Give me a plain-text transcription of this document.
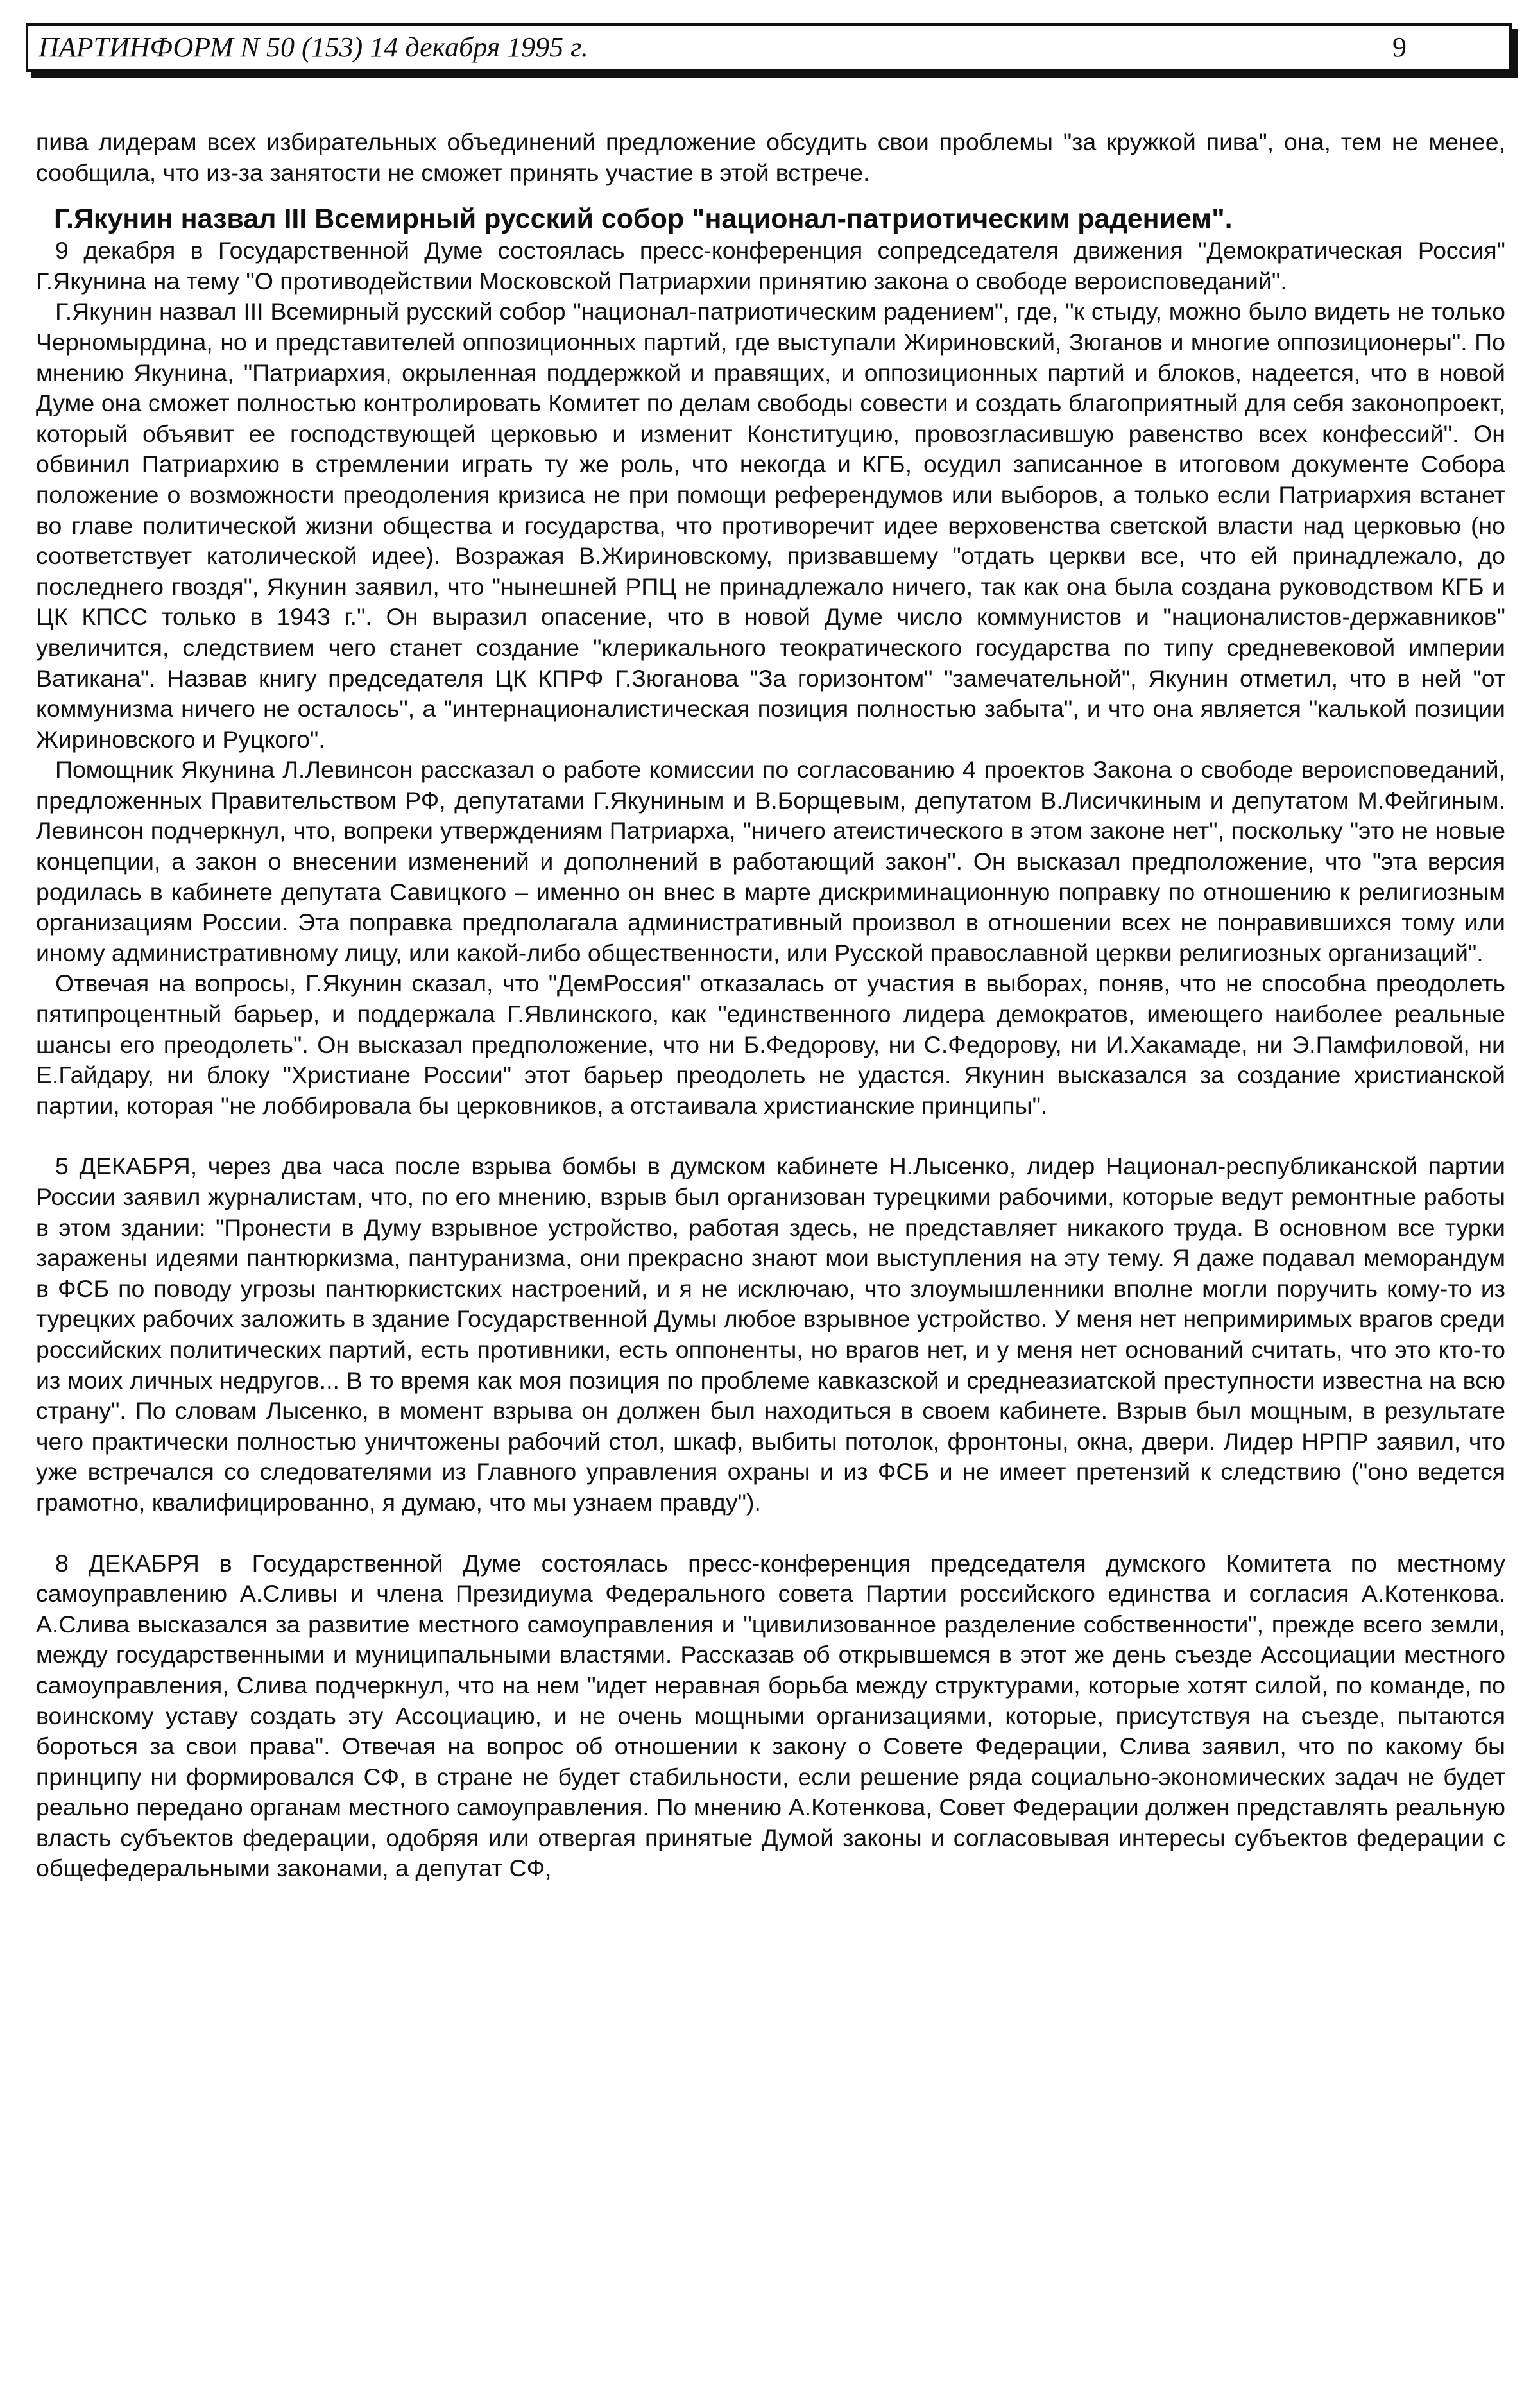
ПАРТИНФОРМ N 50 (153) 14 декабря 1995 г.	9

пива лидерам всех избирательных объединений предложение обсудить свои проблемы "за кружкой пива", она, тем не менее, сообщила, что из-за занятости не сможет принять участие в этой встрече.

Г.Якунин назвал III Всемирный русский собор "национал-патриотическим радением".

9 декабря в Государственной Думе состоялась пресс-конференция сопредседателя движения "Демократическая Россия" Г.Якунина на тему "О противодействии Московской Патриархии принятию закона о свободе вероисповеданий".

Г.Якунин назвал III Всемирный русский собор "национал-патриотическим радением", где, "к стыду, можно было видеть не только Черномырдина, но и представителей оппозиционных партий, где выступали Жириновский, Зюганов и многие оппозиционеры". По мнению Якунина, "Патриархия, окрыленная поддержкой и правящих, и оппозиционных партий и блоков, надеется, что в новой Думе она сможет полностью контролировать Комитет по делам свободы совести и создать благоприятный для себя законопроект, который объявит ее господствующей церковью и изменит Конституцию, провозгласившую равенство всех конфессий". Он обвинил Патриархию в стремлении играть ту же роль, что некогда и КГБ, осудил записанное в итоговом документе Собора положение о возможности преодоления кризиса не при помощи референдумов или выборов, а только если Патриархия встанет во главе политической жизни общества и государства, что противоречит идее верховенства светской власти над церковью (но соответствует католической идее). Возражая В.Жириновскому, призвавшему "отдать церкви все, что ей принадлежало, до последнего гвоздя", Якунин заявил, что "нынешней РПЦ не принадлежало ничего, так как она была создана руководством КГБ и ЦК КПСС только в 1943 г.". Он выразил опасение, что в новой Думе число коммунистов и "националистов-державников" увеличится, следствием чего станет создание "клерикального теократического государства по типу средневековой империи Ватикана". Назвав книгу председателя ЦК КПРФ Г.Зюганова "За горизонтом" "замечательной", Якунин отметил, что в ней "от коммунизма ничего не осталось", а "интернационалистическая позиция полностью забыта", и что она является "калькой позиции Жириновского и Руцкого".

Помощник Якунина Л.Левинсон рассказал о работе комиссии по согласованию 4 проектов Закона о свободе вероисповеданий, предложенных Правительством РФ, депутатами Г.Якуниным и В.Борщевым, депутатом В.Лисичкиным и депутатом М.Фейгиным. Левинсон подчеркнул, что, вопреки утверждениям Патриарха, "ничего атеистического в этом законе нет", поскольку "это не новые концепции, а закон о внесении изменений и дополнений в работающий закон". Он высказал предположение, что "эта версия родилась в кабинете депутата Савицкого – именно он внес в марте дискриминационную поправку по отношению к религиозным организациям России. Эта поправка предполагала административный произвол в отношении всех не понравившихся тому или иному административному лицу, или какой-либо общественности, или Русской православной церкви религиозных организаций".

Отвечая на вопросы, Г.Якунин сказал, что "ДемРоссия" отказалась от участия в выборах, поняв, что не способна преодолеть пятипроцентный барьер, и поддержала Г.Явлинского, как "единственного лидера демократов, имеющего наиболее реальные шансы его преодолеть". Он высказал предположение, что ни Б.Федорову, ни С.Федорову, ни И.Хакамаде, ни Э.Памфиловой, ни Е.Гайдару, ни блоку "Христиане России" этот барьер преодолеть не удастся. Якунин высказался за создание христианской партии, которая "не лоббировала бы церковников, а отстаивала христианские принципы".

5 ДЕКАБРЯ, через два часа после взрыва бомбы в думском кабинете Н.Лысенко, лидер Национал-республиканской партии России заявил журналистам, что, по его мнению, взрыв был организован турецкими рабочими, которые ведут ремонтные работы в этом здании: "Пронести в Думу взрывное устройство, работая здесь, не представляет никакого труда. В основном все турки заражены идеями пантюркизма, пантуранизма, они прекрасно знают мои выступления на эту тему. Я даже подавал меморандум в ФСБ по поводу угрозы пантюркистских настроений, и я не исключаю, что злоумышленники вполне могли поручить кому-то из турецких рабочих заложить в здание Государственной Думы любое взрывное устройство. У меня нет непримиримых врагов среди российских политических партий, есть противники, есть оппоненты, но врагов нет, и у меня нет оснований считать, что это кто-то из моих личных недругов... В то время как моя позиция по проблеме кавказской и среднеазиатской преступности известна на всю страну". По словам Лысенко, в момент взрыва он должен был находиться в своем кабинете. Взрыв был мощным, в результате чего практически полностью уничтожены рабочий стол, шкаф, выбиты потолок, фронтоны, окна, двери. Лидер НРПР заявил, что уже встречался со следователями из Главного управления охраны и из ФСБ и не имеет претензий к следствию ("оно ведется грамотно, квалифицированно, я думаю, что мы узнаем правду").

8 ДЕКАБРЯ в Государственной Думе состоялась пресс-конференция председателя думского Комитета по местному самоуправлению А.Сливы и члена Президиума Федерального совета Партии российского единства и согласия А.Котенкова. А.Слива высказался за развитие местного самоуправления и "цивилизованное разделение собственности", прежде всего земли, между государственными и муниципальными властями. Рассказав об открывшемся в этот же день съезде Ассоциации местного самоуправления, Слива подчеркнул, что на нем "идет неравная борьба между структурами, которые хотят силой, по команде, по воинскому уставу создать эту Ассоциацию, и не очень мощными организациями, которые, присутствуя на съезде, пытаются бороться за свои права". Отвечая на вопрос об отношении к закону о Совете Федерации, Слива заявил, что по какому бы принципу ни формировался СФ, в стране не будет стабильности, если решение ряда социально-экономических задач не будет реально передано органам местного самоуправления. По мнению А.Котенкова, Совет Федерации должен представлять реальную власть субъектов федерации, одобряя или отвергая принятые Думой законы и согласовывая интересы субъектов федерации с общефедеральными законами, а депутат СФ,
